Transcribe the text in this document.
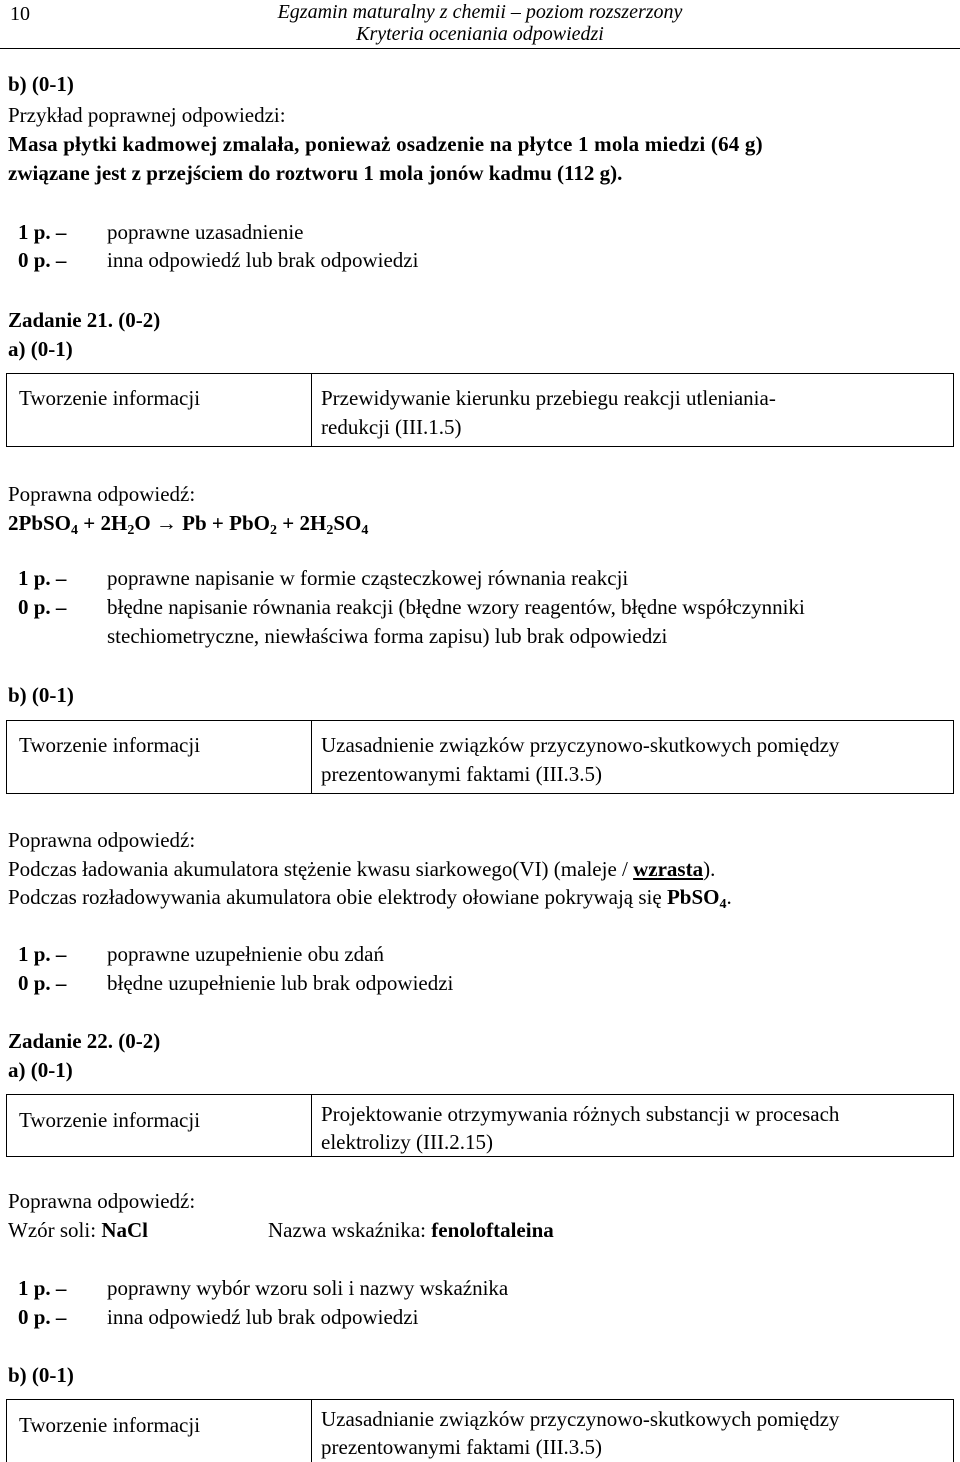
10	Egzamin maturalny z chemii – poziom rozszerzony
Kryteria oceniania odpowiedzi
b) (0-1)
Przykład poprawnej odpowiedzi:
Masa płytki kadmowej zmalała, ponieważ osadzenie na płytce 1 mola miedzi (64 g)
związane jest z przejściem do roztworu 1 mola jonów kadmu (112 g).
1 p. – poprawne uzasadnienie
0 p. – inna odpowiedź lub brak odpowiedzi
Zadanie 21. (0-2)
a) (0-1)
Tworzenie informacji	Przewidywanie kierunku przebiegu reakcji utleniania-
redukcji (III.1.5)
Poprawna odpowiedź:
2PbSO$_4$ + $2H_2O \to Pb + PbO_2 + 2H_2SO_4$
1 p. – poprawne napisanie w formie cząsteczkowej równania reakcji
0 p. – błędne napisanie równania reakcji (błędne wzory reagentów, błędne współczynniki
stechiometryczne, niewłaściwa forma zapisu) lub brak odpowiedzi
b) (0-1)
Tworzenie informacji	Uzasadnienie związków przyczynowo-skutkowych pomiędzy
prezentowanymi faktami (III.3.5)
Poprawna odpowiedź:
Podczas ładowania akumulatora stężenie kwasu siarkowego(VI) (maleje / wzrasta).
Podczas rozładowywania akumulatora obie elektrody ołowiane pokrywają się PbSO$_4$.
1 p. – poprawne uzupełnienie obu zdań
0 p. – błędne uzupełnienie lub brak odpowiedzi
Zadanie 22. (0-2)
a) (0-1)
Tworzenie informacji	Projektowanie otrzymywania różnych substancji w procesach
elektrolizy (III.2.15)
Poprawna odpowiedź:
Wzór soli: NaCl	Nazwa wskaźnika: fenoloftaleina
1 p. – poprawny wybór wzoru soli i nazwy wskaźnika
0 p. – inna odpowiedź lub brak odpowiedzi
b) (0-1)
Tworzenie informacji	Uzasadnianie związków przyczynowo-skutkowych pomiędzy
prezentowanymi faktami (III.3.5)
